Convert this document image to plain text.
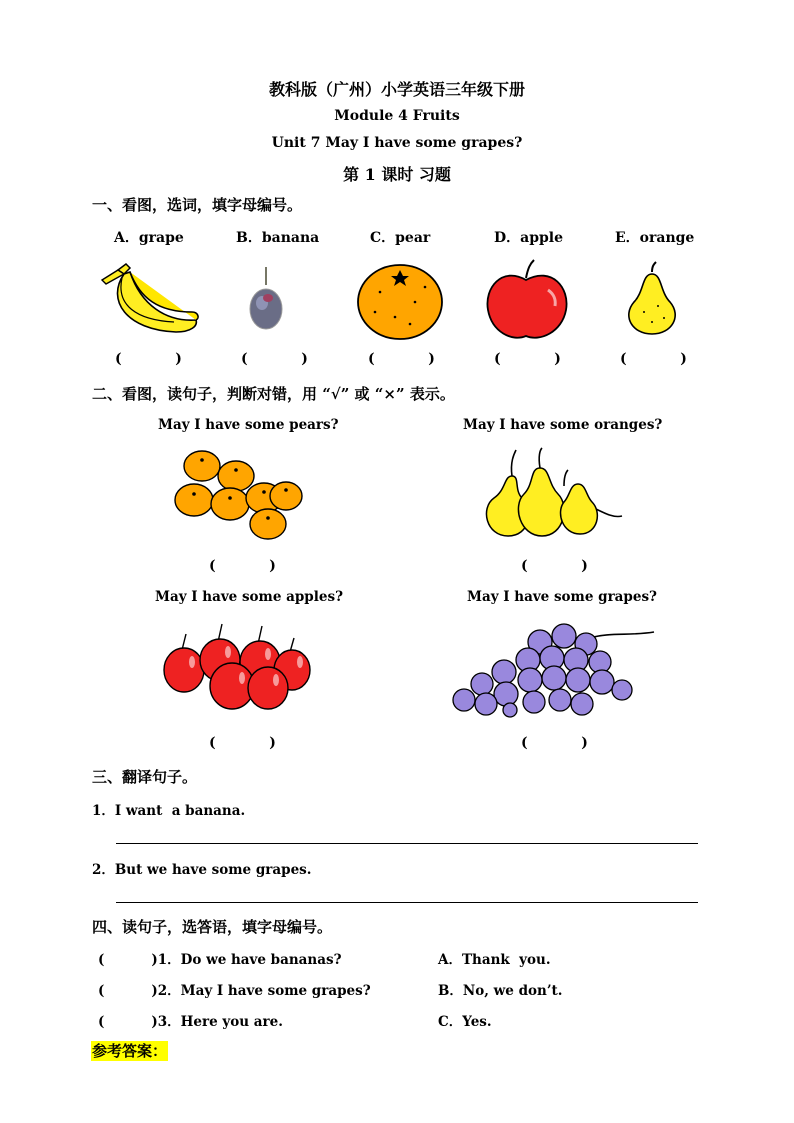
教科版（广州）小学英语三年级下册
Module 4 Fruits
Unit 7 May I have some grapes?
第 1 课时 习题
一、看图，选词，填字母编号。
A．grape	B．banana	C．pear	D．apple	E．orange
(           )	(           )	(           )	(           )	(           )
二、看图，读句子，判断对错，用 “√” 或 “×” 表示。
May I have some pears?	May I have some oranges?
(           )	(           )
May I have some apples?	May I have some grapes?
(           )	(           )
三、翻译句子。
1．I want  a banana.
2．But we have some grapes.
四、读句子，选答语，填字母编号。
(          )1．Do we have bananas?	A．Thank  you.
(          )2．May I have some grapes?	B．No, we don’t.
(          )3．Here you are.	C．Yes.
参考答案：
